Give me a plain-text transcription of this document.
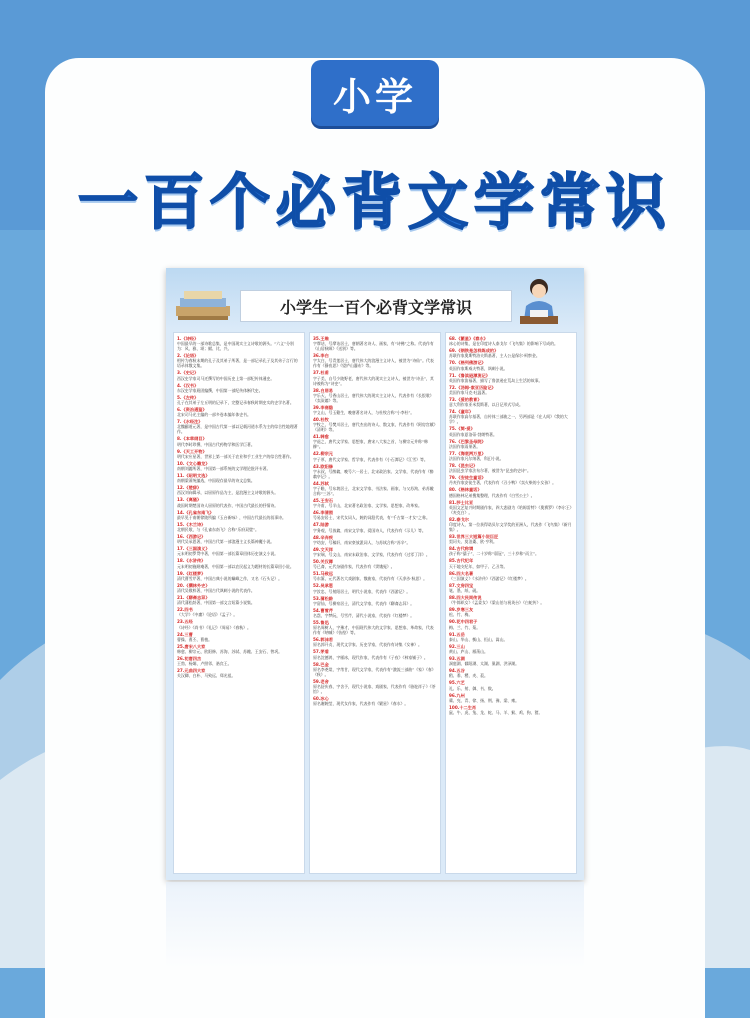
小学
一百个必背文学常识
小学生一百个必背文学常识
1.《诗经》
中国最早的一部诗歌总集，是中国现实主义诗歌的源头。“六义”分别为：风、雅、颂；赋、比、兴。
2.《论语》
相传为春秋末期的孔子及其弟子所著，是一部记录孔子及其弟子言行的语录体散文集。
3.《史记》
西汉史学家司马迁撰写的中国历史上第一部纪传体通史。
4.《汉书》
东汉史学家班固编撰，中国第一部纪传体断代史。
5.《左传》
孔子在其弟子左丘明的记录下，完整记录春秋时期史实的史学名著。
6.《资治通鉴》
北宋司马光主编的一部多卷本编年体史书。
7.《水经注》
北魏郦道元著，是中国古代第一部以记载河道水系为主的综合性地理著作。
8.《本草纲目》
明代李时珍撰，中国古代药物学和医学巨著。
9.《天工开物》
明代宋应星著，世界上第一部关于农业和手工业生产的综合性著作。
10.《文心雕龙》
南朝刘勰所著，中国第一部系统的文学理论批评专著。
11.《昭明文选》
南朝梁萧统编选，中国现存最早的诗文总集。
12.《楚辞》
西汉刘向辑录，以屈原作品为主，是浪漫主义诗歌的源头。
13.《离骚》
战国时期楚国诗人屈原的代表作，中国古代最长的抒情诗。
14.《孔雀东南飞》
最早见于南朝徐陵所编《玉台新咏》，中国古代最长的叙事诗。
15.《木兰诗》
北朝民歌，与《孔雀东南飞》合称“乐府双璧”。
16.《西游记》
明代吴承恩著，中国古代第一部浪漫主义长篇神魔小说。
17.《三国演义》
元末明初罗贯中著，中国第一部长篇章回体历史演义小说。
18.《水浒传》
元末明初施耐庵著，中国第一部以农民起义为题材的长篇章回小说。
19.《红楼梦》
清代曹雪芹著，中国古典小说的巅峰之作，又名《石头记》。
20.《儒林外史》
清代吴敬梓著，中国古代讽刺小说的代表作。
21.《聊斋志异》
清代蒲松龄著，中国第一部文言短篇小说集。
22.四书
《大学》《中庸》《论语》《孟子》。
23.五经
《诗经》《尚书》《礼记》《周易》《春秋》。
24.三曹
曹操、曹丕、曹植。
25.唐宋八大家
韩愈、柳宗元、欧阳修、苏洵、苏轼、苏辙、王安石、曾巩。
26.初唐四杰
王勃、杨炯、卢照邻、骆宾王。
27.元曲四大家
关汉卿、白朴、马致远、郑光祖。
35.王维
字摩诘，号摩诘居士，唐朝著名诗人、画家，有“诗佛”之称。代表作有《山居秋暝》《送别》等。
36.李白
字太白，号青莲居士，唐代伟大的浪漫主义诗人，被誉为“诗仙”。代表作有《静夜思》《望庐山瀑布》等。
37.杜甫
字子美，自号少陵野老，唐代伟大的现实主义诗人，被誉为“诗圣”，其诗被称为“诗史”。
38.白居易
字乐天，号香山居士，唐代伟大的现实主义诗人，代表作有《长恨歌》《卖炭翁》等。
39.李商隐
字义山，号玉谿生，晚唐著名诗人，与杜牧合称“小李杜”。
40.杜牧
字牧之，号樊川居士，唐代杰出的诗人、散文家，代表作有《阿房宫赋》《清明》等。
41.韩愈
字退之，唐代文学家、思想家，唐宋八大家之首，与柳宗元并称“韩柳”。
42.柳宗元
字子厚，唐代文学家、哲学家，代表作有《小石潭记》《江雪》等。
43.欧阳修
字永叔，号醉翁，晚号六一居士，北宋政治家、文学家，代表作有《醉翁亭记》。
44.苏轼
字子瞻，号东坡居士，北宋文学家、书法家、画家，与父苏洵、弟苏辙合称“三苏”。
45.王安石
字介甫，号半山，北宋著名政治家、文学家、思想家、改革家。
46.李清照
号易安居士，宋代女词人，婉约词派代表，有“千古第一才女”之称。
47.陆游
字务观，号放翁，南宋文学家、爱国诗人，代表作有《示儿》等。
48.辛弃疾
字幼安，号稼轩，南宋豪放派词人，与苏轼合称“苏辛”。
49.文天祥
字宋瑞，号文山，南宋末政治家、文学家，代表作有《过零丁洋》。
50.关汉卿
号已斋，元代杂剧作家，代表作有《窦娥冤》。
51.马致远
号东篱，元代著名大戏剧家、散曲家，代表作有《天净沙·秋思》。
52.吴承恩
字汝忠，号射阳居士，明代小说家，代表作《西游记》。
53.蒲松龄
字留仙，号柳泉居士，清代文学家，代表作《聊斋志异》。
54.曹雪芹
名霑，字梦阮，号雪芹，清代小说家，代表作《红楼梦》。
55.鲁迅
原名周树人，字豫才，中国现代伟大的文学家、思想家、革命家，代表作有《呐喊》《彷徨》等。
56.郭沫若
原名郭开贞，现代文学家、历史学家，代表作有诗集《女神》。
57.茅盾
原名沈德鸿，字雁冰，现代作家，代表作有《子夜》《林家铺子》。
58.巴金
原名李尧棠，字芾甘，现代文学家，代表作有“激流三部曲”《家》《春》《秋》。
59.老舍
原名舒庆春，字舍予，现代小说家、戏剧家，代表作有《骆驼祥子》《茶馆》。
60.冰心
原名谢婉莹，现代女作家，代表作有《繁星》《春水》。
68.《繁星》《春水》
冰心的诗集，是在印度诗人泰戈尔《飞鸟集》的影响下写成的。
69.《钢铁是怎样炼成的》
苏联作家奥斯特洛夫斯基著，主人公是保尔·柯察金。
70.《格列佛游记》
英国作家斯威夫特著，讽刺小说。
71.《鲁滨逊漂流记》
英国作家笛福著，描写了鲁滨逊在荒岛上生活的故事。
72.《汤姆·索亚历险记》
美国作家马克·吐温著。
73.《爱的教育》
意大利作家亚米契斯著，以日记形式写成。
74.《童年》
苏联作家高尔基著，自传体三部曲之一，另两部是《在人间》《我的大学》。
75.《简·爱》
英国作家夏洛蒂·勃朗特著。
76.《巴黎圣母院》
法国作家雨果著。
77.《海底两万里》
法国作家凡尔纳著，科幻小说。
78.《昆虫记》
法国昆虫学家法布尔著，被誉为“昆虫的史诗”。
79.《安徒生童话》
丹麦作家安徒生著，代表作有《丑小鸭》《卖火柴的小女孩》。
80.《格林童话》
德国格林兄弟搜集整理，代表作有《白雪公主》。
81.莎士比亚
英国文艺复兴时期剧作家，四大悲剧为《哈姆雷特》《奥赛罗》《李尔王》《麦克白》。
82.泰戈尔
印度诗人，第一位获得诺贝尔文学奖的亚洲人，代表作《飞鸟集》《新月集》。
83.世界三大短篇小说巨匠
契诃夫、莫泊桑、欧·亨利。
84.古代称谓
孩子称“孺子”，二十岁称“弱冠”，三十岁称“而立”。
85.古代纪年
天干地支纪年，如甲子、乙丑等。
86.四大名著
《三国演义》《水浒传》《西游记》《红楼梦》。
87.文房四宝
笔、墨、纸、砚。
88.四大民间传说
《牛郎织女》《孟姜女》《梁山伯与祝英台》《白蛇传》。
89.岁寒三友
松、竹、梅。
90.花中四君子
梅、兰、竹、菊。
91.五岳
泰山、华山、衡山、恒山、嵩山。
92.三山
黄山、庐山、雁荡山。
93.五湖
洞庭湖、鄱阳湖、太湖、巢湖、洪泽湖。
94.五谷
稻、黍、稷、麦、菽。
95.六艺
礼、乐、射、御、书、数。
96.九州
冀、兖、青、徐、扬、荆、豫、梁、雍。
100.十二生肖
鼠、牛、虎、兔、龙、蛇、马、羊、猴、鸡、狗、猪。
